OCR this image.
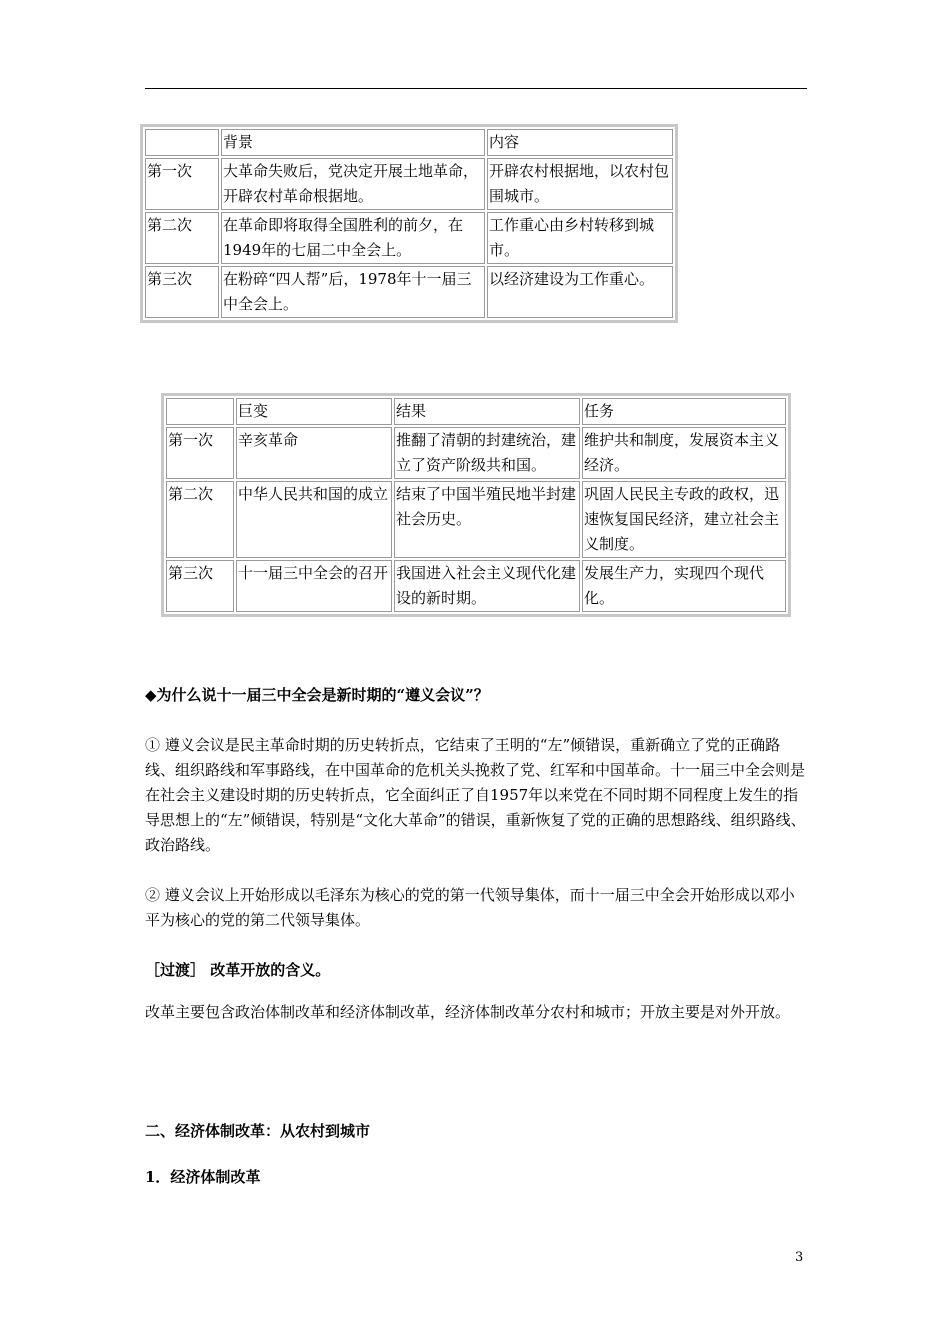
	背景	内容
第一次	大革命失败后，党决定开展土地革命，开辟农村革命根据地。	开辟农村根据地，以农村包围城市。
第二次	在革命即将取得全国胜利的前夕，在1949年的七届二中全会上。	工作重心由乡村转移到城市。
第三次	在粉碎“四人帮”后，1978年十一届三中全会上。	以经济建设为工作重心。
	巨变	结果	任务
第一次	辛亥革命	推翻了清朝的封建统治，建立了资产阶级共和国。	维护共和制度，发展资本主义经济。
第二次	中华人民共和国的成立	结束了中国半殖民地半封建社会历史。	巩固人民民主专政的政权，迅速恢复国民经济，建立社会主义制度。
第三次	十一届三中全会的召开	我国进入社会主义现代化建设的新时期。	发展生产力，实现四个现代化。
◆为什么说十一届三中全会是新时期的“遵义会议”？
① 遵义会议是民主革命时期的历史转折点，它结束了王明的“左”倾错误，重新确立了党的正确路线、组织路线和军事路线，在中国革命的危机关头挽救了党、红军和中国革命。十一届三中全会则是在社会主义建设时期的历史转折点，它全面纠正了自1957年以来党在不同时期不同程度上发生的指导思想上的“左”倾错误，特别是“文化大革命”的错误，重新恢复了党的正确的思想路线、组织路线、政治路线。
② 遵义会议上开始形成以毛泽东为核心的党的第一代领导集体，而十一届三中全会开始形成以邓小平为核心的党的第二代领导集体。
［过渡］ 改革开放的含义。
改革主要包含政治体制改革和经济体制改革，经济体制改革分农村和城市；开放主要是对外开放。
二、经济体制改革：从农村到城市
1．经济体制改革
3
